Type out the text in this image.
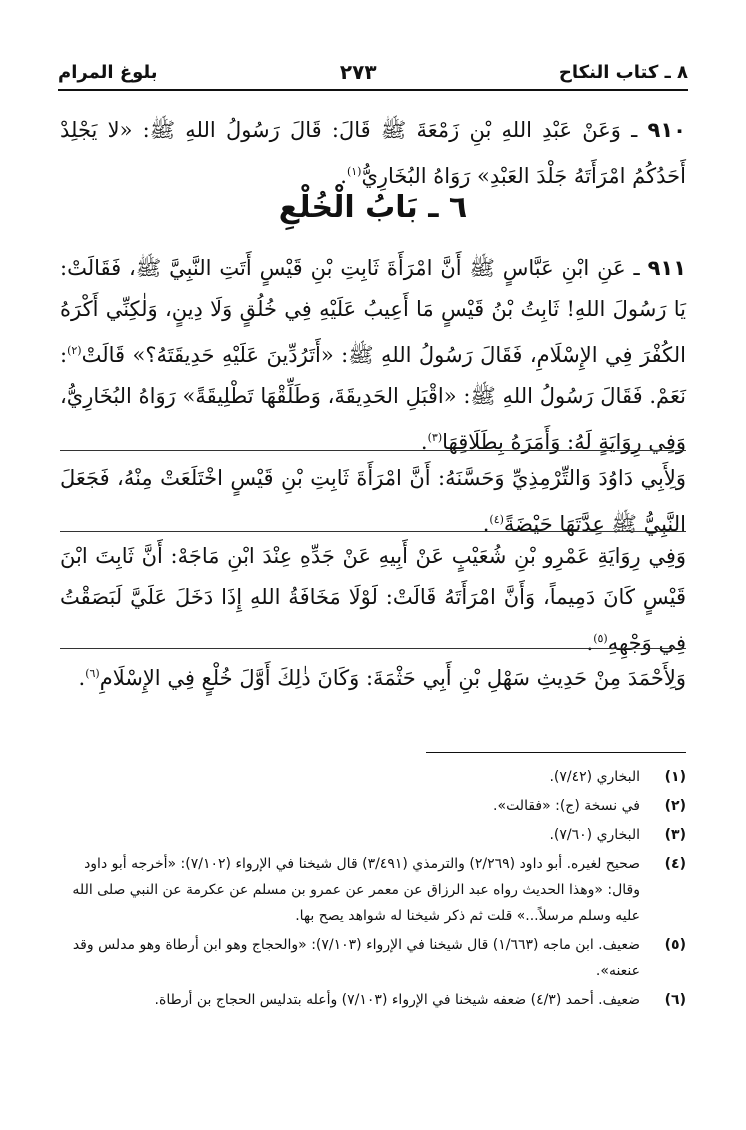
٨ ـ كتاب النكاح
٢٧٣
بلوغ المرام
٩١٠ ـ وَعَنْ عَبْدِ اللهِ بْنِ زَمْعَةَ ﷺ قَالَ: قَالَ رَسُولُ اللهِ ﷺ: «لا يَجْلِدْ أَحَدُكُمُ امْرَأَتَهُ جَلْدَ العَبْدِ» رَوَاهُ البُخَارِيُّ$^{(١)}$.
٦ ـ بَابُ الْخُلْعِ
٩١١ ـ عَنِ ابْنِ عَبَّاسٍ ﷺ أَنَّ امْرَأَةَ ثَابِتِ بْنِ قَيْسٍ أَتَتِ النَّبِيَّ ﷺ، فَقَالَتْ: يَا رَسُولَ اللهِ! ثَابِتُ بْنُ قَيْسٍ مَا أَعِيبُ عَلَيْهِ فِي خُلُقٍ وَلَا دِينٍ، وَلٰكِنِّي أَكْرَهُ الكُفْرَ فِي الإِسْلَامِ، فَقَالَ رَسُولُ اللهِ ﷺ: «أَتَرُدِّينَ عَلَيْهِ حَدِيقَتَهُ؟» قَالَتْ$^{(٢)}$: نَعَمْ. فَقَالَ رَسُولُ اللهِ ﷺ: «اقْبَلِ الحَدِيقَةَ، وَطَلِّقْهَا تَطْلِيقَةً» رَوَاهُ البُخَارِيُّ، وَفِي رِوَايَةٍ لَهُ: وَأَمَرَهُ بِطَلَاقِهَا$^{(٣)}$.
وَلِأَبِي دَاوُدَ وَالتِّرْمِذِيِّ وَحَسَّنَهُ: أَنَّ امْرَأَةَ ثَابِتِ بْنِ قَيْسٍ اخْتَلَعَتْ مِنْهُ، فَجَعَلَ النَّبِيُّ ﷺ عِدَّتَهَا حَيْضَةً$^{(٤)}$.
وَفِي رِوَايَةِ عَمْرِو بْنِ شُعَيْبٍ عَنْ أَبِيهِ عَنْ جَدِّهِ عِنْدَ ابْنِ مَاجَهْ: أَنَّ ثَابِتَ ابْنَ قَيْسٍ كَانَ دَمِيماً، وَأَنَّ امْرَأَتَهُ قَالَتْ: لَوْلَا مَخَافَةُ اللهِ إِذَا دَخَلَ عَلَيَّ لَبَصَقْتُ فِي وَجْهِهِ$^{(٥)}$.
وَلِأَحْمَدَ مِنْ حَدِيثِ سَهْلِ بْنِ أَبِي حَثْمَةَ: وَكَانَ ذٰلِكَ أَوَّلَ خُلْعٍ فِي الإِسْلَامِ$^{(٦)}$.
(١)
البخاري (٧/٤٢).
(٢)
في نسخة (ج): «فقالت».
(٣)
البخاري (٧/٦٠).
(٤)
صحيح لغيره. أبو داود (٢/٢٦٩) والترمذي (٣/٤٩١) قال شيخنا في الإرواء (٧/١٠٢): «أخرجه أبو داود وقال: «وهذا الحديث رواه عبد الرزاق عن معمر عن عمرو بن مسلم عن عكرمة عن النبي صلى الله عليه وسلم مرسلاً...» قلت ثم ذكر شيخنا له شواهد يصح بها.
(٥)
ضعيف. ابن ماجه (١/٦٦٣) قال شيخنا في الإرواء (٧/١٠٣): «والحجاج وهو ابن أرطاة وهو مدلس وقد عنعنه».
(٦)
ضعيف. أحمد (٤/٣) ضعفه شيخنا في الإرواء (٧/١٠٣) وأعله بتدليس الحجاج بن أرطاة.
